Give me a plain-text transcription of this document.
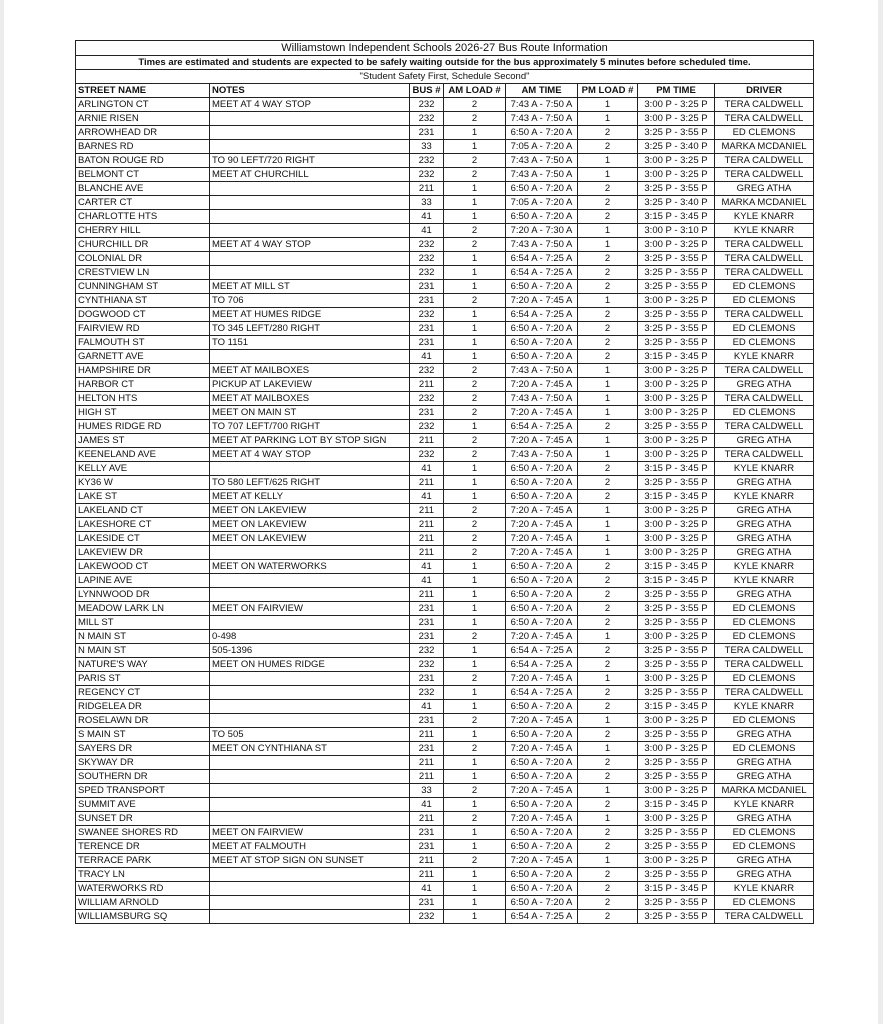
Williamstown Independent Schools 2026-27 Bus Route Information							
Times are estimated and students are expected to be safely waiting outside for the bus approximately 5 minutes before scheduled time.							
"Student Safety First, Schedule Second"							
STREET NAME	NOTES	BUS #	AM LOAD #	AM TIME	PM LOAD #	PM TIME	DRIVER
ARLINGTON CT	MEET AT 4 WAY STOP	232	2	7:43 A - 7:50 A	1	3:00 P - 3:25 P	TERA CALDWELL
ARNIE RISEN		232	2	7:43 A - 7:50 A	1	3:00 P - 3:25 P	TERA CALDWELL
ARROWHEAD DR		231	1	6:50 A - 7:20 A	2	3:25 P - 3:55 P	ED CLEMONS
BARNES RD		33	1	7:05 A - 7:20 A	2	3:25 P - 3:40 P	MARKA MCDANIEL
BATON ROUGE RD	TO 90 LEFT/720 RIGHT	232	2	7:43 A - 7:50 A	1	3:00 P - 3:25 P	TERA CALDWELL
BELMONT CT	MEET AT CHURCHILL	232	2	7:43 A - 7:50 A	1	3:00 P - 3:25 P	TERA CALDWELL
BLANCHE AVE		211	1	6:50 A - 7:20 A	2	3:25 P - 3:55 P	GREG ATHA
CARTER CT		33	1	7:05 A - 7:20 A	2	3:25 P - 3:40 P	MARKA MCDANIEL
CHARLOTTE HTS		41	1	6:50 A - 7:20 A	2	3:15 P - 3:45 P	KYLE KNARR
CHERRY HILL		41	2	7:20 A - 7:30 A	1	3:00 P - 3:10 P	KYLE KNARR
CHURCHILL DR	MEET AT 4 WAY STOP	232	2	7:43 A - 7:50 A	1	3:00 P - 3:25 P	TERA CALDWELL
COLONIAL DR		232	1	6:54 A - 7:25 A	2	3:25 P - 3:55 P	TERA CALDWELL
CRESTVIEW LN		232	1	6:54 A - 7:25 A	2	3:25 P - 3:55 P	TERA CALDWELL
CUNNINGHAM ST	MEET AT MILL ST	231	1	6:50 A - 7:20 A	2	3:25 P - 3:55 P	ED CLEMONS
CYNTHIANA ST	TO 706	231	2	7:20 A - 7:45 A	1	3:00 P - 3:25 P	ED CLEMONS
DOGWOOD CT	MEET AT HUMES RIDGE	232	1	6:54 A - 7:25 A	2	3:25 P - 3:55 P	TERA CALDWELL
FAIRVIEW RD	TO 345 LEFT/280 RIGHT	231	1	6:50 A - 7:20 A	2	3:25 P - 3:55 P	ED CLEMONS
FALMOUTH ST	TO 1151	231	1	6:50 A - 7:20 A	2	3:25 P - 3:55 P	ED CLEMONS
GARNETT AVE		41	1	6:50 A - 7:20 A	2	3:15 P - 3:45 P	KYLE KNARR
HAMPSHIRE DR	MEET AT MAILBOXES	232	2	7:43 A - 7:50 A	1	3:00 P - 3:25 P	TERA CALDWELL
HARBOR CT	PICKUP AT LAKEVIEW	211	2	7:20 A - 7:45 A	1	3:00 P - 3:25 P	GREG ATHA
HELTON HTS	MEET AT MAILBOXES	232	2	7:43 A - 7:50 A	1	3:00 P - 3:25 P	TERA CALDWELL
HIGH ST	MEET ON MAIN ST	231	2	7:20 A - 7:45 A	1	3:00 P - 3:25 P	ED CLEMONS
HUMES RIDGE RD	TO 707 LEFT/700 RIGHT	232	1	6:54 A - 7:25 A	2	3:25 P - 3:55 P	TERA CALDWELL
JAMES ST	MEET AT PARKING LOT BY STOP SIGN	211	2	7:20 A - 7:45 A	1	3:00 P - 3:25 P	GREG ATHA
KEENELAND AVE	MEET AT 4 WAY STOP	232	2	7:43 A - 7:50 A	1	3:00 P - 3:25 P	TERA CALDWELL
KELLY AVE		41	1	6:50 A - 7:20 A	2	3:15 P - 3:45 P	KYLE KNARR
KY36 W	TO 580 LEFT/625 RIGHT	211	1	6:50 A - 7:20 A	2	3:25 P - 3:55 P	GREG ATHA
LAKE ST	MEET AT KELLY	41	1	6:50 A - 7:20 A	2	3:15 P - 3:45 P	KYLE KNARR
LAKELAND CT	MEET ON LAKEVIEW	211	2	7:20 A - 7:45 A	1	3:00 P - 3:25 P	GREG ATHA
LAKESHORE CT	MEET ON LAKEVIEW	211	2	7:20 A - 7:45 A	1	3:00 P - 3:25 P	GREG ATHA
LAKESIDE CT	MEET ON LAKEVIEW	211	2	7:20 A - 7:45 A	1	3:00 P - 3:25 P	GREG ATHA
LAKEVIEW DR		211	2	7:20 A - 7:45 A	1	3:00 P - 3:25 P	GREG ATHA
LAKEWOOD CT	MEET ON WATERWORKS	41	1	6:50 A - 7:20 A	2	3:15 P - 3:45 P	KYLE KNARR
LAPINE AVE		41	1	6:50 A - 7:20 A	2	3:15 P - 3:45 P	KYLE KNARR
LYNNWOOD DR		211	1	6:50 A - 7:20 A	2	3:25 P - 3:55 P	GREG ATHA
MEADOW LARK LN	MEET ON FAIRVIEW	231	1	6:50 A - 7:20 A	2	3:25 P - 3:55 P	ED CLEMONS
MILL ST		231	1	6:50 A - 7:20 A	2	3:25 P - 3:55 P	ED CLEMONS
N MAIN ST	0-498	231	2	7:20 A - 7:45 A	1	3:00 P - 3:25 P	ED CLEMONS
N MAIN ST	505-1396	232	1	6:54 A - 7:25 A	2	3:25 P - 3:55 P	TERA CALDWELL
NATURE'S WAY	MEET ON HUMES RIDGE	232	1	6:54 A - 7:25 A	2	3:25 P - 3:55 P	TERA CALDWELL
PARIS ST		231	2	7:20 A - 7:45 A	1	3:00 P - 3:25 P	ED CLEMONS
REGENCY CT		232	1	6:54 A - 7:25 A	2	3:25 P - 3:55 P	TERA CALDWELL
RIDGELEA DR		41	1	6:50 A - 7:20 A	2	3:15 P - 3:45 P	KYLE KNARR
ROSELAWN DR		231	2	7:20 A - 7:45 A	1	3:00 P - 3:25 P	ED CLEMONS
S MAIN ST	TO 505	211	1	6:50 A - 7:20 A	2	3:25 P - 3:55 P	GREG ATHA
SAYERS DR	MEET ON CYNTHIANA ST	231	2	7:20 A - 7:45 A	1	3:00 P - 3:25 P	ED CLEMONS
SKYWAY DR		211	1	6:50 A - 7:20 A	2	3:25 P - 3:55 P	GREG ATHA
SOUTHERN DR		211	1	6:50 A - 7:20 A	2	3:25 P - 3:55 P	GREG ATHA
SPED TRANSPORT		33	2	7:20 A - 7:45 A	1	3:00 P - 3:25 P	MARKA MCDANIEL
SUMMIT AVE		41	1	6:50 A - 7:20 A	2	3:15 P - 3:45 P	KYLE KNARR
SUNSET DR		211	2	7:20 A - 7:45 A	1	3:00 P - 3:25 P	GREG ATHA
SWANEE SHORES RD	MEET ON FAIRVIEW	231	1	6:50 A - 7:20 A	2	3:25 P - 3:55 P	ED CLEMONS
TERENCE DR	MEET AT FALMOUTH	231	1	6:50 A - 7:20 A	2	3:25 P - 3:55 P	ED CLEMONS
TERRACE PARK	MEET AT STOP SIGN ON SUNSET	211	2	7:20 A - 7:45 A	1	3:00 P - 3:25 P	GREG ATHA
TRACY LN		211	1	6:50 A - 7:20 A	2	3:25 P - 3:55 P	GREG ATHA
WATERWORKS RD		41	1	6:50 A - 7:20 A	2	3:15 P - 3:45 P	KYLE KNARR
WILLIAM ARNOLD		231	1	6:50 A - 7:20 A	2	3:25 P - 3:55 P	ED CLEMONS
WILLIAMSBURG SQ		232	1	6:54 A - 7:25 A	2	3:25 P - 3:55 P	TERA CALDWELL
